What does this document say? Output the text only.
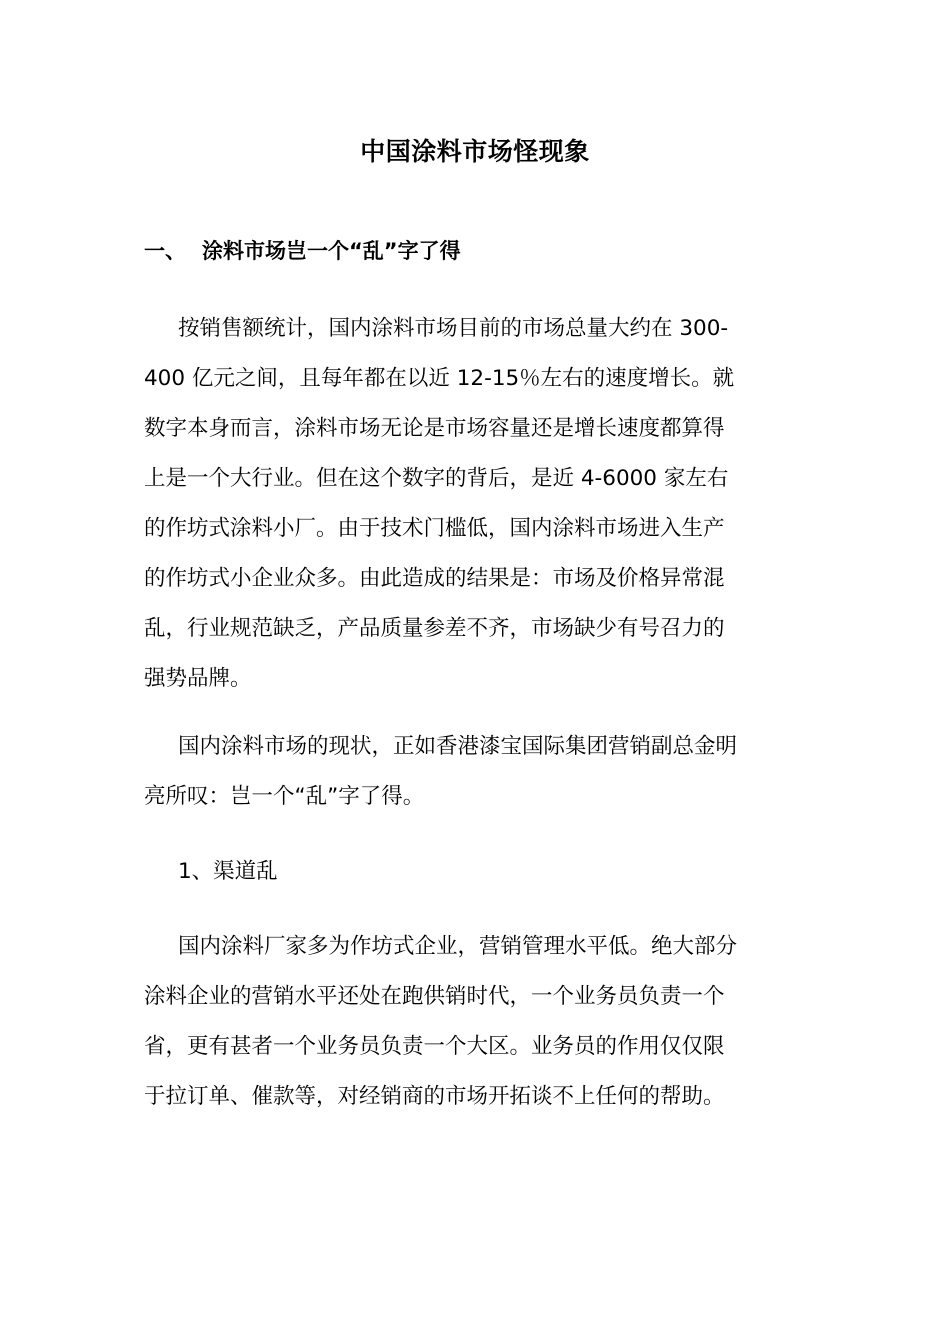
中国涂料市场怪现象
一、 涂料市场岂一个“乱”字了得
按销售额统计，国内涂料市场目前的市场总量大约在 300-
400 亿元之间，且每年都在以近 12-15％左右的速度增长。就
数字本身而言，涂料市场无论是市场容量还是增长速度都算得
上是一个大行业。但在这个数字的背后，是近 4-6000 家左右
的作坊式涂料小厂。由于技术门槛低，国内涂料市场进入生产
的作坊式小企业众多。由此造成的结果是：市场及价格异常混
乱，行业规范缺乏，产品质量参差不齐，市场缺少有号召力的
强势品牌。
国内涂料市场的现状，正如香港漆宝国际集团营销副总金明
亮所叹：岂一个“乱”字了得。
1、渠道乱
国内涂料厂家多为作坊式企业，营销管理水平低。绝大部分
涂料企业的营销水平还处在跑供销时代，一个业务员负责一个
省，更有甚者一个业务员负责一个大区。业务员的作用仅仅限
于拉订单、催款等，对经销商的市场开拓谈不上任何的帮助。
